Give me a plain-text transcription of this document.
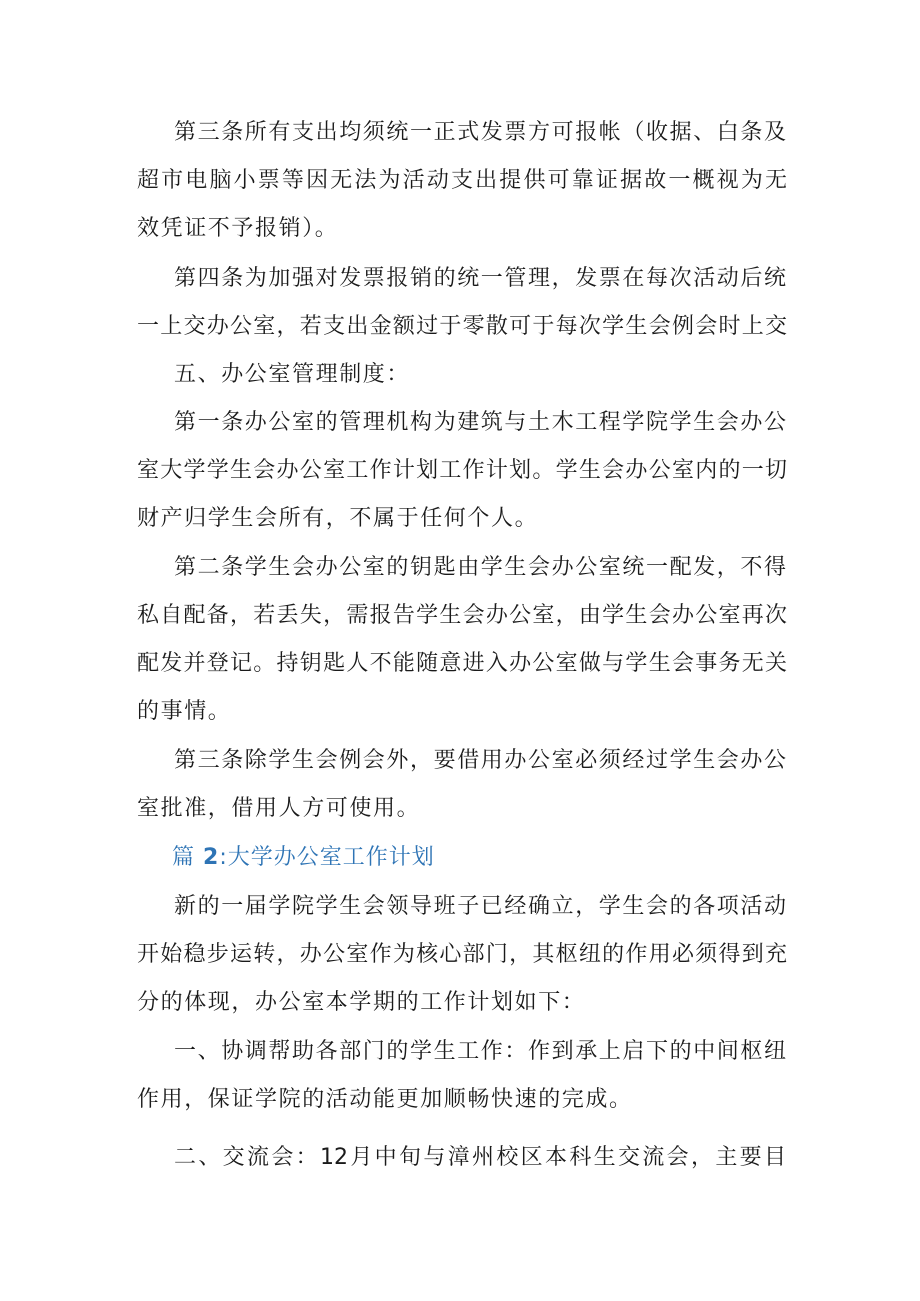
第三条所有支出均须统一正式发票方可报帐（收据、白条及
超市电脑小票等因无法为活动支出提供可靠证据故一概视为无
效凭证不予报销）。
第四条为加强对发票报销的统一管理，发票在每次活动后统
一上交办公室，若支出金额过于零散可于每次学生会例会时上交
五、办公室管理制度：
第一条办公室的管理机构为建筑与土木工程学院学生会办公
室大学学生会办公室工作计划工作计划。学生会办公室内的一切
财产归学生会所有，不属于任何个人。
第二条学生会办公室的钥匙由学生会办公室统一配发，不得
私自配备，若丢失，需报告学生会办公室，由学生会办公室再次
配发并登记。持钥匙人不能随意进入办公室做与学生会事务无关
的事情。
第三条除学生会例会外，要借用办公室必须经过学生会办公
室批准，借用人方可使用。
篇 2:大学办公室工作计划
新的一届学院学生会领导班子已经确立，学生会的各项活动
开始稳步运转，办公室作为核心部门，其枢纽的作用必须得到充
分的体现，办公室本学期的工作计划如下：
一、协调帮助各部门的学生工作：作到承上启下的中间枢纽
作用，保证学院的活动能更加顺畅快速的完成。
二、交流会：12月中旬与漳州校区本科生交流会，主要目
